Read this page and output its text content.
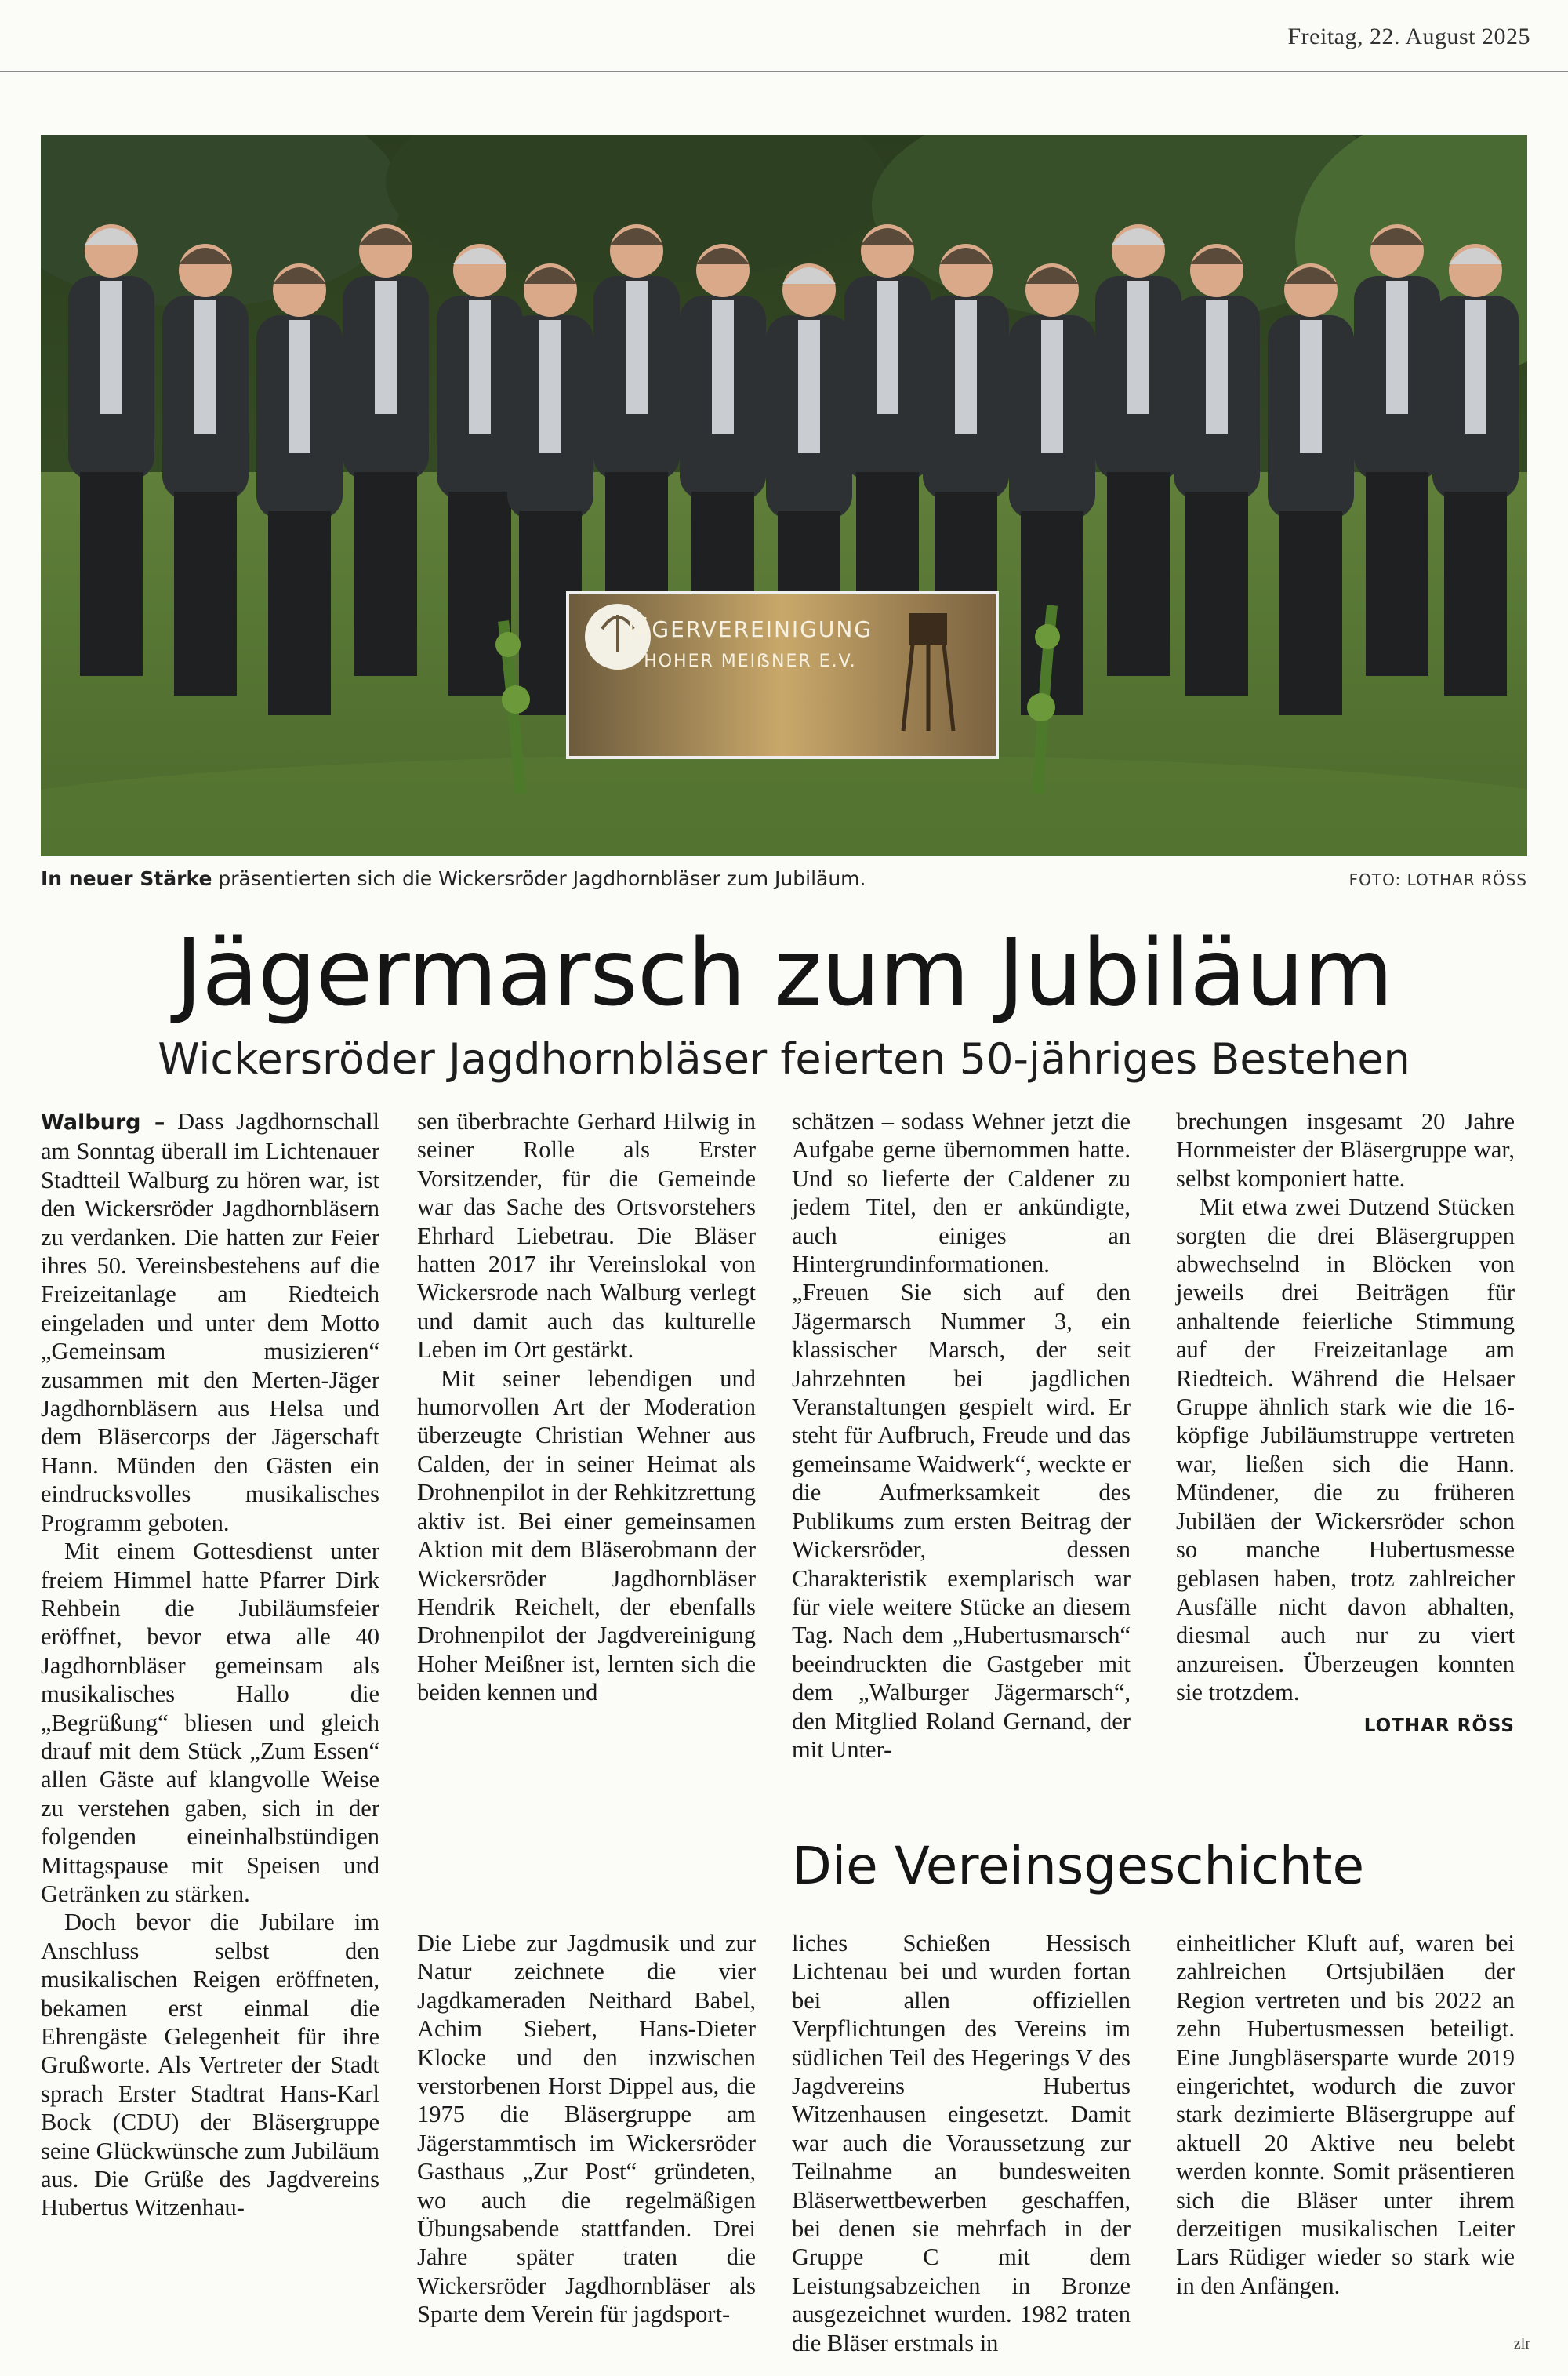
Freitag, 22. August 2025
JÄGERVEREINIGUNG
HOHER MEIẞNER E.V.
In neuer Stärke präsentierten sich die Wickersröder Jagdhornbläser zum Jubiläum.	FOTO: LOTHAR RÖSS
Jägermarsch zum Jubiläum
Wickersröder Jagdhornbläser feierten 50-jähriges Bestehen

Walburg – Dass Jagdhornschall am Sonntag überall im Lichtenauer Stadtteil Walburg zu hören war, ist den Wickersröder Jagdhornbläsern zu verdanken. Die hatten zur Feier ihres 50. Vereinsbestehens auf die Freizeitanlage am Riedteich eingeladen und unter dem Motto „Gemeinsam musizieren“ zusammen mit den Merten-Jäger Jagdhornbläsern aus Helsa und dem Bläsercorps der Jägerschaft Hann. Münden den Gästen ein eindrucksvolles musikalisches Programm geboten.

Mit einem Gottesdienst unter freiem Himmel hatte Pfarrer Dirk Rehbein die Jubiläumsfeier eröffnet, bevor etwa alle 40 Jagdhornbläser gemeinsam als musikalisches Hallo die „Begrüßung“ bliesen und gleich drauf mit dem Stück „Zum Essen“ allen Gäste auf klangvolle Weise zu verstehen gaben, sich in der folgenden eineinhalbstündigen Mittagspause mit Speisen und Getränken zu stärken.

Doch bevor die Jubilare im Anschluss selbst den musikalischen Reigen eröffneten, bekamen erst einmal die Ehrengäste Gelegenheit für ihre Grußworte. Als Vertreter der Stadt sprach Erster Stadtrat Hans-Karl Bock (CDU) der Bläsergruppe seine Glückwünsche zum Jubiläum aus. Die Grüße des Jagdvereins Hubertus Witzenhau-

sen überbrachte Gerhard Hilwig in seiner Rolle als Erster Vorsitzender, für die Gemeinde war das Sache des Ortsvorstehers Ehrhard Liebetrau. Die Bläser hatten 2017 ihr Vereinslokal von Wickersrode nach Walburg verlegt und damit auch das kulturelle Leben im Ort gestärkt.

Mit seiner lebendigen und humorvollen Art der Moderation überzeugte Christian Wehner aus Calden, der in seiner Heimat als Drohnenpilot in der Rehkitzrettung aktiv ist. Bei einer gemeinsamen Aktion mit dem Bläserobmann der Wickersröder Jagdhornbläser Hendrik Reichelt, der ebenfalls Drohnenpilot der Jagdvereinigung Hoher Meißner ist, lernten sich die beiden kennen und

schätzen – sodass Wehner jetzt die Aufgabe gerne übernommen hatte. Und so lieferte der Caldener zu jedem Titel, den er ankündigte, auch einiges an Hintergrundinformationen.

„Freuen Sie sich auf den Jägermarsch Nummer 3, ein klassischer Marsch, der seit Jahrzehnten bei jagdlichen Veranstaltungen gespielt wird. Er steht für Aufbruch, Freude und das gemeinsame Waidwerk“, weckte er die Aufmerksamkeit des Publikums zum ersten Beitrag der Wickersröder, dessen Charakteristik exemplarisch war für viele weitere Stücke an diesem Tag. Nach dem „Hubertusmarsch“ beeindruckten die Gastgeber mit dem „Walburger Jägermarsch“, den Mitglied Roland Gernand, der mit Unter-

brechungen insgesamt 20 Jahre Hornmeister der Bläsergruppe war, selbst komponiert hatte.

Mit etwa zwei Dutzend Stücken sorgten die drei Bläsergruppen abwechselnd in Blöcken von jeweils drei Beiträgen für anhaltende feierliche Stimmung auf der Freizeitanlage am Riedteich. Während die Helsaer Gruppe ähnlich stark wie die 16-köpfige Jubiläumstruppe vertreten war, ließen sich die Hann. Mündener, die zu früheren Jubiläen der Wickersröder schon so manche Hubertusmesse geblasen haben, trotz zahlreicher Ausfälle nicht davon abhalten, diesmal auch nur zu viert anzureisen. Überzeugen konnten sie trotzdem.

LOTHAR RÖSS
Die Vereinsgeschichte

Die Liebe zur Jagdmusik und zur Natur zeichnete die vier Jagdkameraden Neithard Babel, Achim Siebert, Hans-Dieter Klocke und den inzwischen verstorbenen Horst Dippel aus, die 1975 die Bläsergruppe am Jägerstammtisch im Wickersröder Gasthaus „Zur Post“ gründeten, wo auch die regelmäßigen Übungsabende stattfanden. Drei Jahre später traten die Wickersröder Jagdhornbläser als Sparte dem Verein für jagdsport-

liches Schießen Hessisch Lichtenau bei und wurden fortan bei allen offiziellen Verpflichtungen des Vereins im südlichen Teil des Hegerings V des Jagdvereins Hubertus Witzenhausen eingesetzt. Damit war auch die Voraussetzung zur Teilnahme an bundesweiten Bläserwettbewerben geschaffen, bei denen sie mehrfach in der Gruppe C mit dem Leistungsabzeichen in Bronze ausgezeichnet wurden. 1982 traten die Bläser erstmals in

einheitlicher Kluft auf, waren bei zahlreichen Ortsjubiläen der Region vertreten und bis 2022 an zehn Hubertusmessen beteiligt. Eine Jungbläsersparte wurde 2019 eingerichtet, wodurch die zuvor stark dezimierte Bläsergruppe auf aktuell 20 Aktive neu belebt werden konnte. Somit präsentieren sich die Bläser unter ihrem derzeitigen musikalischen Leiter Lars Rüdiger wieder so stark wie in den Anfängen.

zlr
